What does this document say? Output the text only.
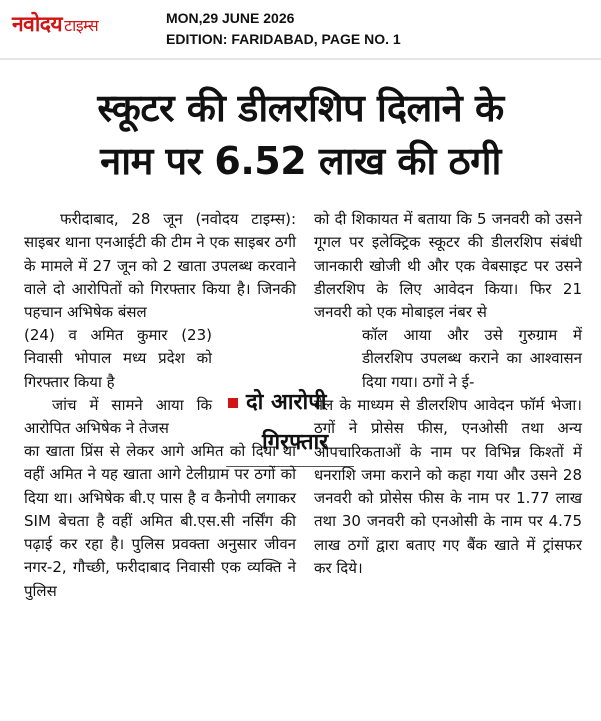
नवोदय टाइम्स	MON,29 JUNE 2026
EDITION: FARIDABAD, PAGE NO. 1
स्कूटर की डीलरशिप दिलाने के
नाम पर 6.52 लाख की ठगी

फरीदाबाद, 28 जून (नवोदय टाइम्स): साइबर थाना एनआईटी की टीम ने एक साइबर ठगी के मामले में 27 जून को 2 खाता उपलब्ध करवाने वाले दो आरोपितों को गिरफ्तार किया है। जिनकी पहचान अभिषेक बंसल

(24) व अमित कुमार (23) निवासी भोपाल मध्य प्रदेश को गिरफ्तार किया है

जांच में सामने आया कि आरोपित अभिषेक ने तेजस

दो आरोपी
गिरफ्तार

का खाता प्रिंस से लेकर आगे अमित को दिया था वहीं अमित ने यह खाता आगे टेलीग्राम पर ठगों को दिया था। अभिषेक बी.ए पास है व कैनोपी लगाकर SIM बेचता है वहीं अमित बी.एस.सी नर्सिंग की पढ़ाई कर रहा है। पुलिस प्रवक्ता अनुसार जीवन नगर-2, गौच्छी, फरीदाबाद निवासी एक व्यक्ति ने पुलिस

को दी शिकायत में बताया कि 5 जनवरी को उसने गूगल पर इलेक्ट्रिक स्कूटर की डीलरशिप संबंधी जानकारी खोजी थी और एक वेबसाइट पर उसने डीलरशिप के लिए आवेदन किया। फिर 21 जनवरी को एक मोबाइल नंबर से

कॉल आया और उसे गुरुग्राम में डीलरशिप उपलब्ध कराने का आश्वासन दिया गया। ठगों ने ई-

मेल के माध्यम से डीलरशिप आवेदन फॉर्म भेजा। ठगों ने प्रोसेस फीस, एनओसी तथा अन्य औपचारिकताओं के नाम पर विभिन्न किश्तों में धनराशि जमा कराने को कहा गया और उसने 28 जनवरी को प्रोसेस फीस के नाम पर 1.77 लाख तथा 30 जनवरी को एनओसी के नाम पर 4.75 लाख ठगों द्वारा बताए गए बैंक खाते में ट्रांसफर कर दिये।
